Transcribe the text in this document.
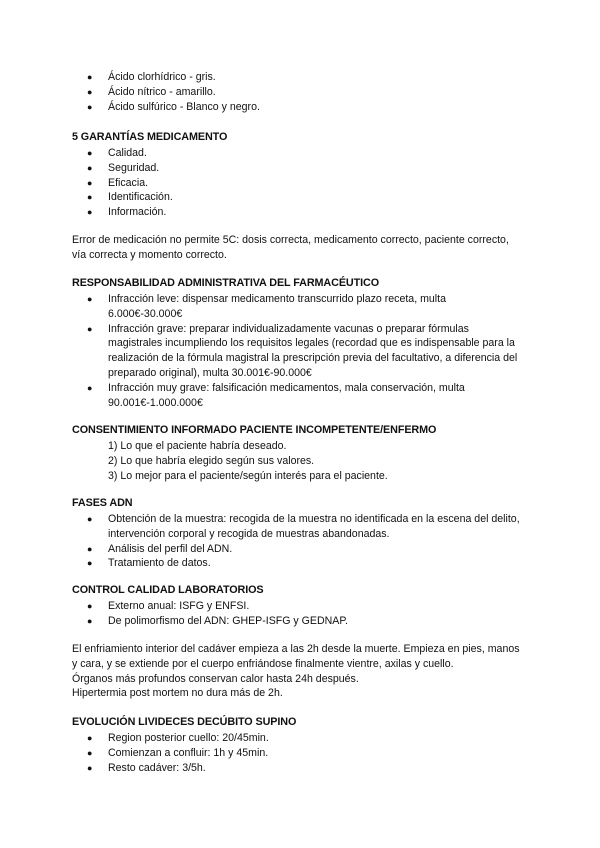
● Ácido clorhídrico - gris.
● Ácido nítrico - amarillo.
● Ácido sulfúrico - Blanco y negro.
5 GARANTÍAS MEDICAMENTO
● Calidad.
● Seguridad.
● Eficacia.
● Identificación.
● Información.

Error de medicación no permite 5C: dosis correcta, medicamento correcto, paciente correcto, vía correcta y momento correcto.

RESPONSABILIDAD ADMINISTRATIVA DEL FARMACÉUTICO
● Infracción leve: dispensar medicamento transcurrido plazo receta, multa 6.000€-30.000€
● Infracción grave: preparar individualizadamente vacunas o preparar fórmulas magistrales incumpliendo los requisitos legales (recordad que es indispensable para la realización de la fórmula magistral la prescripción previa del facultativo, a diferencia del preparado original), multa 30.001€-90.000€
● Infracción muy grave: falsificación medicamentos, mala conservación, multa 90.001€-1.000.000€
CONSENTIMIENTO INFORMADO PACIENTE INCOMPETENTE/ENFERMO
1) Lo que el paciente habría deseado.
2) Lo que habría elegido según sus valores.
3) Lo mejor para el paciente/según interés para el paciente.
FASES ADN
● Obtención de la muestra: recogida de la muestra no identificada en la escena del delito, intervención corporal y recogida de muestras abandonadas.
● Análisis del perfil del ADN.
● Tratamiento de datos.
CONTROL CALIDAD LABORATORIOS
● Externo anual: ISFG y ENFSI.
● De polimorfismo del ADN: GHEP-ISFG y GEDNAP.

El enfriamiento interior del cadáver empieza a las 2h desde la muerte. Empieza en pies, manos y cara, y se extiende por el cuerpo enfriándose finalmente vientre, axilas y cuello.

Órganos más profundos conservan calor hasta 24h después.

Hipertermia post mortem no dura más de 2h.

EVOLUCIÓN LIVIDECES DECÚBITO SUPINO
● Region posterior cuello: 20/45min.
● Comienzan a confluir: 1h y 45min.
● Resto cadáver: 3/5h.
